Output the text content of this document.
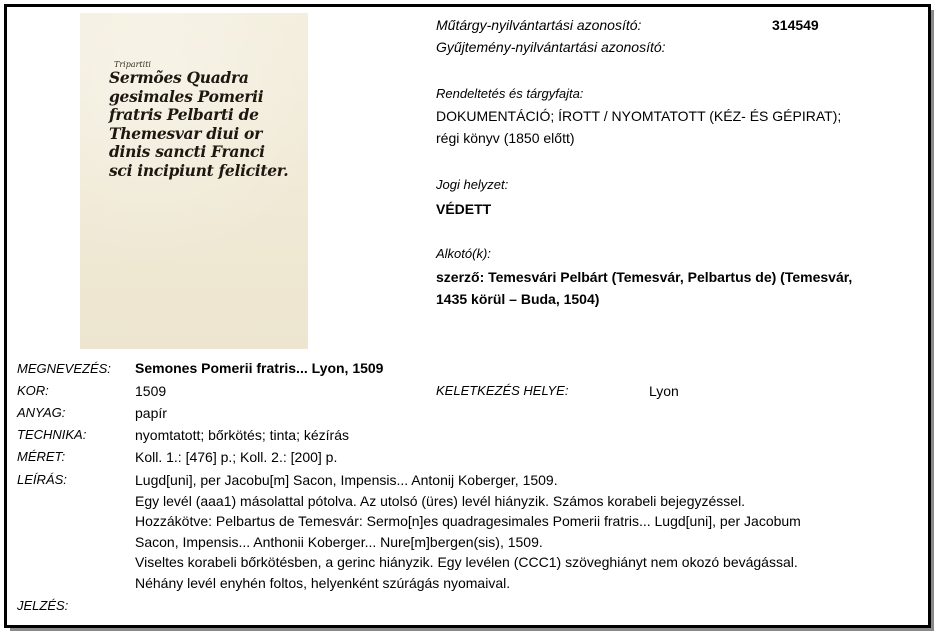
Tripartiti
Sermões Quadra
gesimales Pomerii
fratris Pelbarti de
Themesvar diui or
dinis sancti Franci
sci incipiunt feliciter.
Műtárgy-nyilvántartási azonosító:	314549
Gyűjtemény-nyilvántartási azonosító:
Rendeltetés és tárgyfajta:
DOKUMENTÁCIÓ; ÍROTT / NYOMTATOTT (KÉZ- ÉS GÉPIRAT);
régi könyv (1850 előtt)
Jogi helyzet:
VÉDETT
Alkotó(k):
szerző: Temesvári Pelbárt (Temesvár, Pelbartus de) (Temesvár,
1435 körül – Buda, 1504)
MEGNEVEZÉS: Semones Pomerii fratris... Lyon, 1509
KOR:	1509	KELETKEZÉS HELYE:	Lyon
ANYAG:	papír
TECHNIKA:	nyomtatott; bőrkötés; tinta; kézírás
MÉRET:	Koll. 1.: [476] p.; Koll. 2.: [200] p.
LEÍRÁS:	Lugd[uni], per Jacobu[m] Sacon, Impensis... Antonij Koberger, 1509.
Egy levél (aaa1) másolattal pótolva. Az utolsó (üres) levél hiányzik. Számos korabeli bejegyzéssel.
Hozzákötve: Pelbartus de Temesvár: Sermo[n]es quadragesimales Pomerii fratris... Lugd[uni], per Jacobum
Sacon, Impensis... Anthonii Koberger... Nure[m]bergen(sis), 1509.
Viseltes korabeli bőrkötésben, a gerinc hiányzik. Egy levélen (CCC1) szöveghiányt nem okozó bevágással.
Néhány levél enyhén foltos, helyenként szúrágás nyomaival.
JELZÉS:
